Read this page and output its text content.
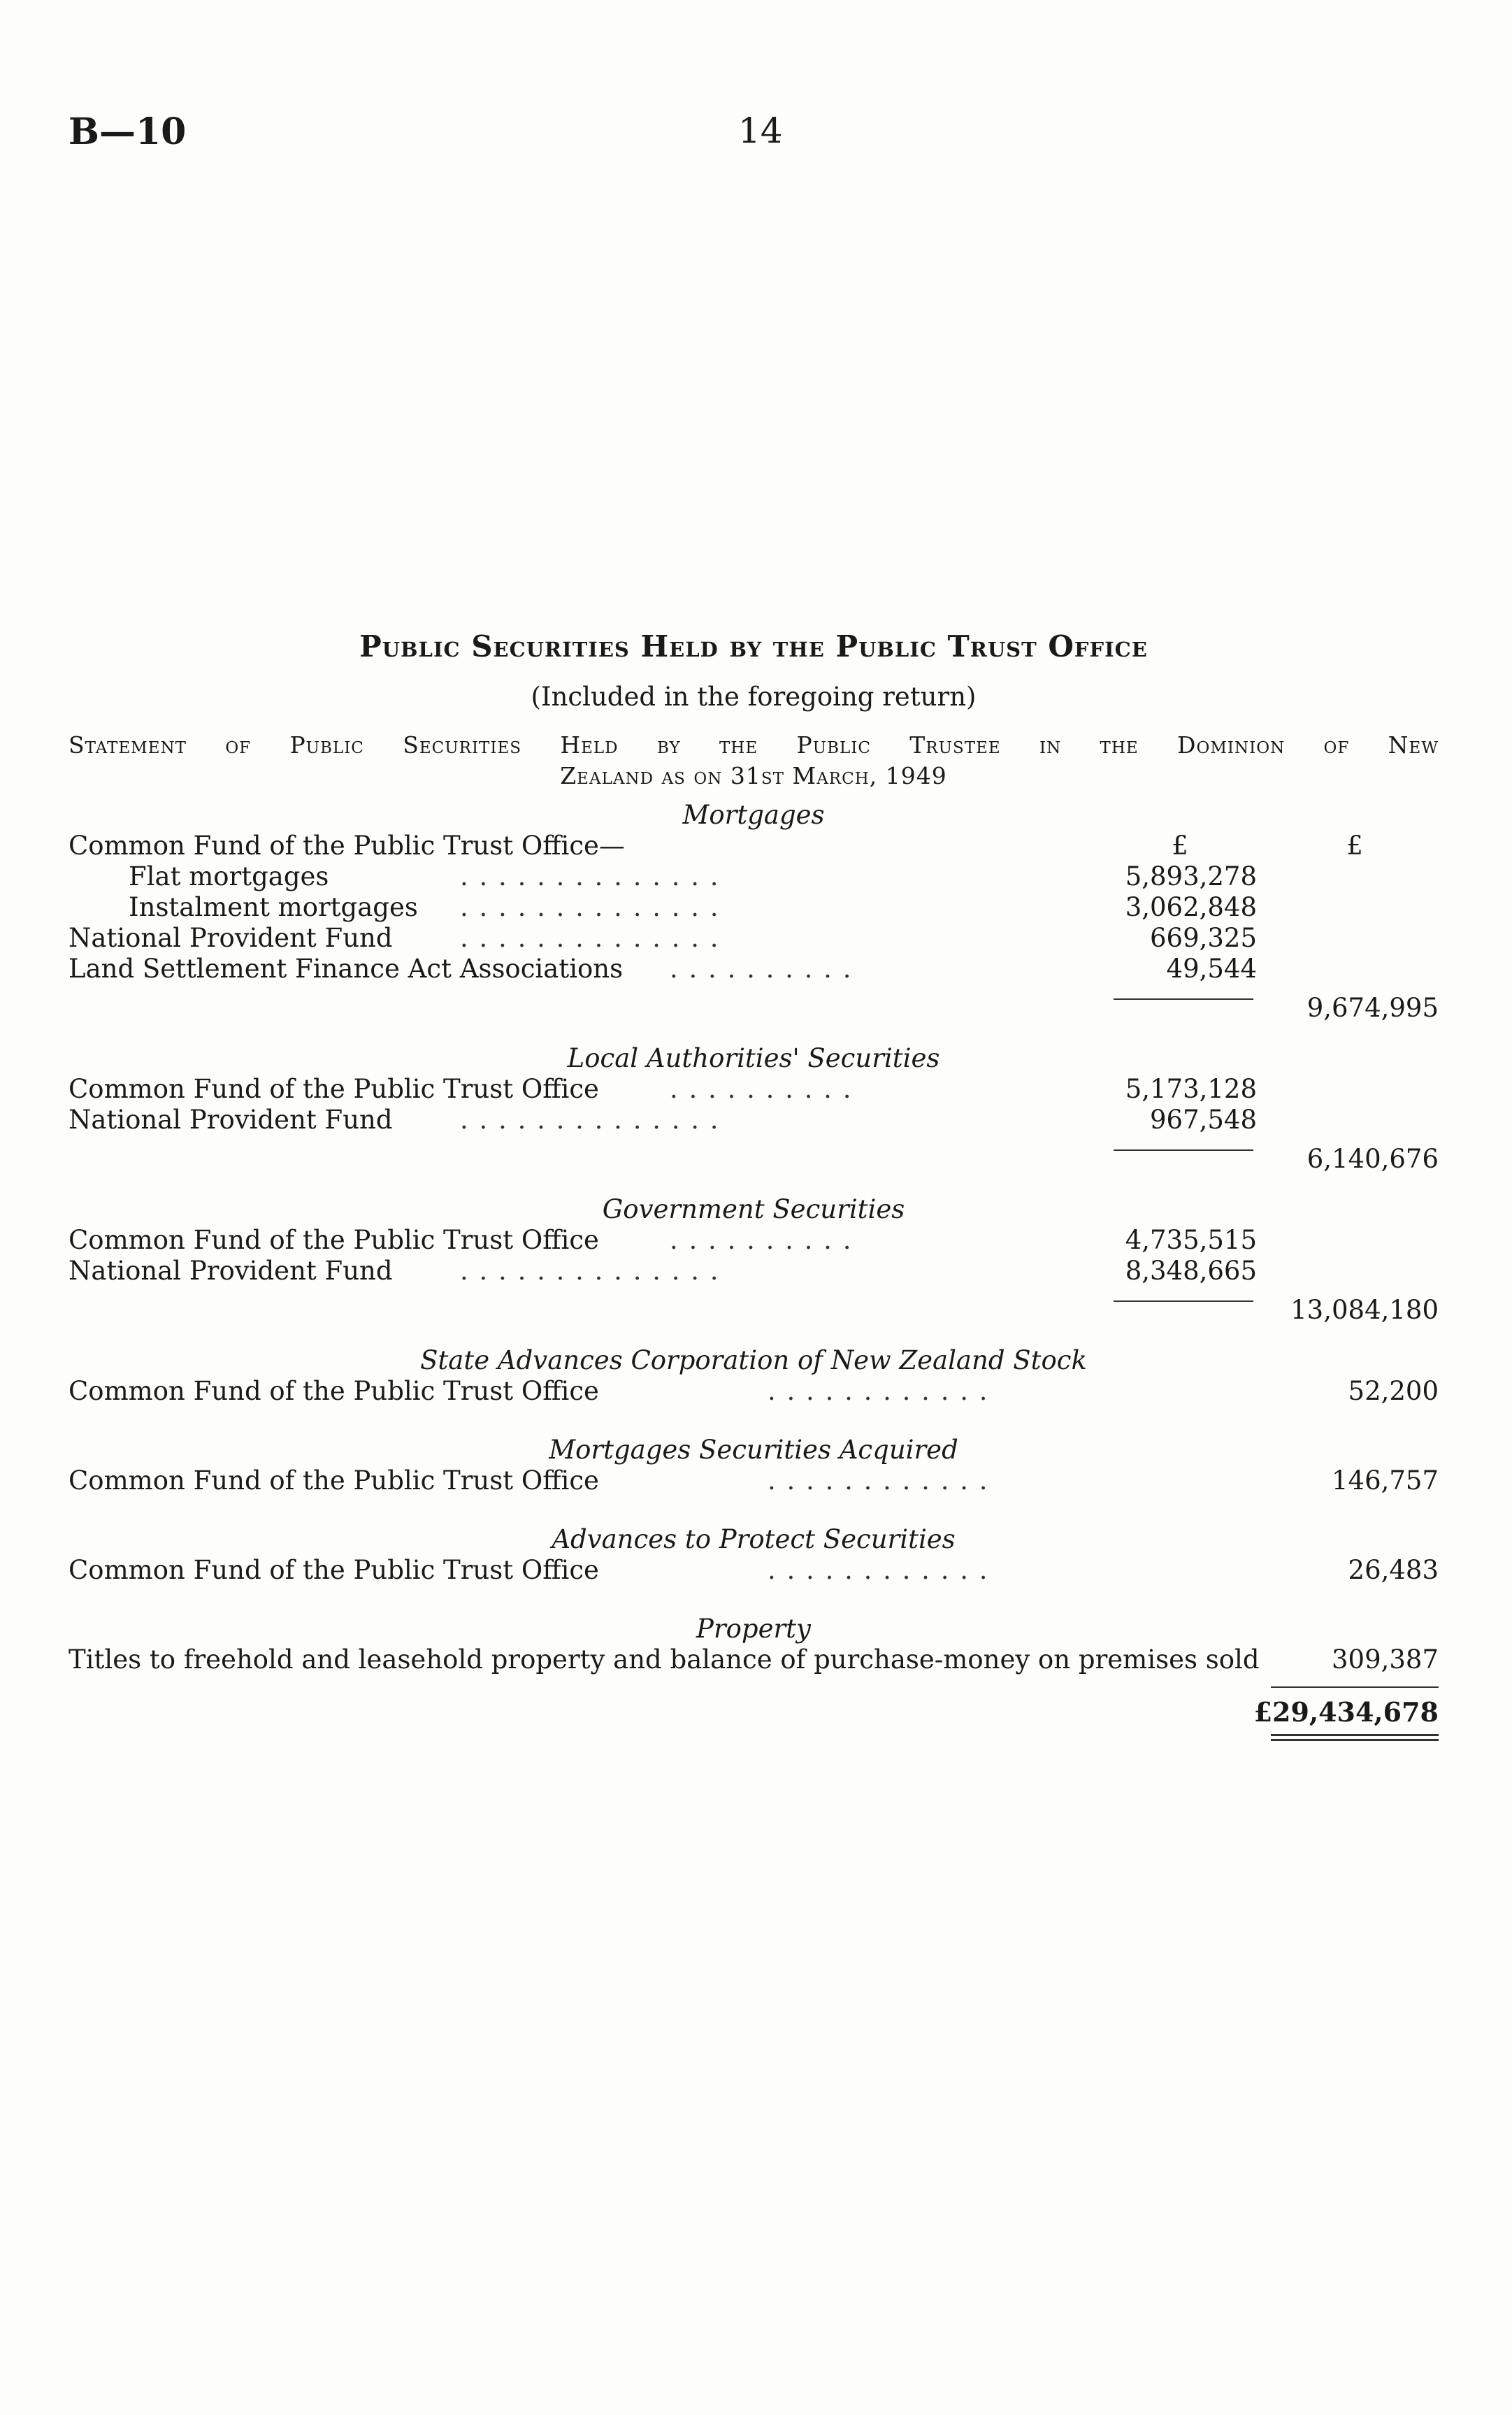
B—10	14
Public Securities Held by the Public Trust Office
(Included in the foregoing return)
Statement of Public Securities Held by the Public Trustee in the Dominion of New
Zealand as on 31st March, 1949
Mortgages
Common Fund of the Public Trust Office—	£	£
Flat mortgages	. . . . . . . . . . . . . .	5,893,278
Instalment mortgages . . . . . . . . . . . . . .	3,062,848
National Provident Fund	. . . . . . . . . . . . . .	669,325
Land Settlement Finance Act Associations . . . . . . . . . .	49,544
9,674,995
Local Authorities' Securities
Common Fund of the Public Trust Office	. . . . . . . . . .	5,173,128
National Provident Fund	. . . . . . . . . . . . . .	967,548
6,140,676
Government Securities
Common Fund of the Public Trust Office	. . . . . . . . . .	4,735,515
National Provident Fund	. . . . . . . . . . . . . .	8,348,665
13,084,180
State Advances Corporation of New Zealand Stock
Common Fund of the Public Trust Office	. . . . . . . . . . . .	52,200
Mortgages Securities Acquired
Common Fund of the Public Trust Office	. . . . . . . . . . . .	146,757
Advances to Protect Securities
Common Fund of the Public Trust Office	. . . . . . . . . . . .	26,483
Property
Titles to freehold and leasehold property and balance of purchase-money on premises sold	309,387
£29,434,678
